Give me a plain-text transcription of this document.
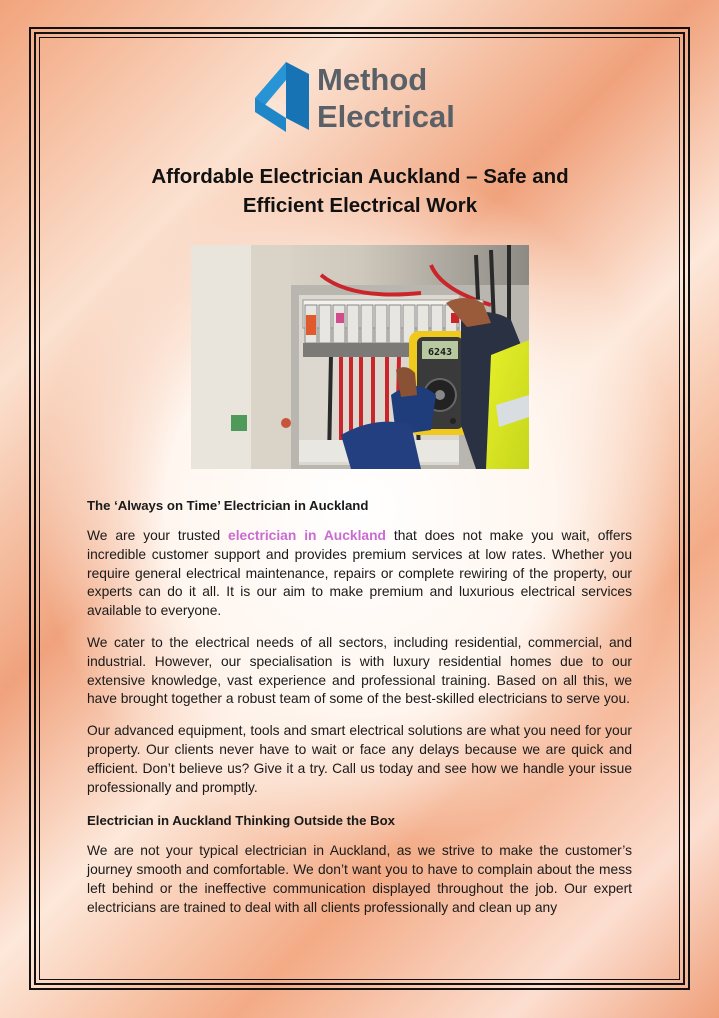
Method
Electrical
Affordable Electrician Auckland – Safe and
Efficient Electrical Work
6243
The ‘Always on Time’ Electrician in Auckland

We are your trusted electrician in Auckland that does not make you wait, offers incredible customer support and provides premium services at low rates. Whether you require general electrical maintenance, repairs or complete rewiring of the property, our experts can do it all. It is our aim to make premium and luxurious electrical services available to everyone.

We cater to the electrical needs of all sectors, including residential, commercial, and industrial. However, our specialisation is with luxury residential homes due to our extensive knowledge, vast experience and professional training. Based on all this, we have brought together a robust team of some of the best-skilled electricians to serve you.

Our advanced equipment, tools and smart electrical solutions are what you need for your property. Our clients never have to wait or face any delays because we are quick and efficient. Don’t believe us? Give it a try. Call us today and see how we handle your issue professionally and promptly.

Electrician in Auckland Thinking Outside the Box

We are not your typical electrician in Auckland, as we strive to make the customer’s journey smooth and comfortable. We don’t want you to have to complain about the mess left behind or the ineffective communication displayed throughout the job. Our expert electricians are trained to deal with all clients professionally and clean up any
